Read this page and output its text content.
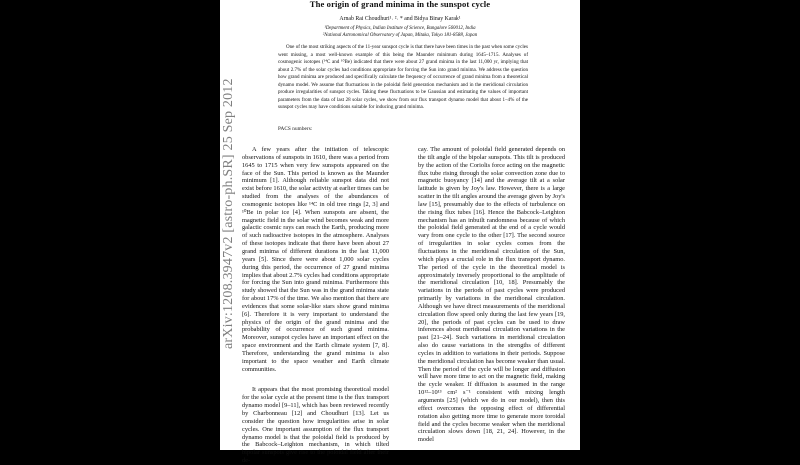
The origin of grand minima in the sunspot cycle
Arnab Rai Choudhuri¹˒ ²˒ * and Bidya Binay Karak¹
¹Department of Physics, Indian Institute of Science, Bangalore 560012, India
²National Astronomical Observatory of Japan, Mitaka, Tokyo 181-8588, Japan
One of the most striking aspects of the 11-year sunspot cycle is that there have been times in the past when some cycles went missing, a most well-known example of this being the Maunder minimum during 1645–1715. Analyses of cosmogenic isotopes (¹⁴C and ¹⁰Be) indicated that there were about 27 grand minima in the last 11,000 yr, implying that about 2.7% of the solar cycles had conditions appropriate for forcing the Sun into grand minima. We address the question how grand minima are produced and specifically calculate the frequency of occurrence of grand minima from a theoretical dynamo model. We assume that fluctuations in the poloidal field generation mechanism and in the meridional circulation produce irregularities of sunspot cycles. Taking these fluctuations to be Gaussian and estimating the values of important parameters from the data of last 28 solar cycles, we show from our flux transport dynamo model that about 1–4% of the sunspot cycles may have conditions suitable for inducing grand minima.
PACS numbers:

A few years after the initiation of telescopic observations of sunspots in 1610, there was a period from 1645 to 1715 when very few sunspots appeared on the face of the Sun. This period is known as the Maunder minimum [1]. Although reliable sunspot data did not exist before 1610, the solar activity at earlier times can be studied from the analyses of the abundances of cosmogenic isotopes like ¹⁴C in old tree rings [2, 3] and ¹⁰Be in polar ice [4]. When sunspots are absent, the magnetic field in the solar wind becomes weak and more galactic cosmic rays can reach the Earth, producing more of such radioactive isotopes in the atmosphere. Analyses of these isotopes indicate that there have been about 27 grand minima of different durations in the last 11,000 years [5]. Since there were about 1,000 solar cycles during this period, the occurrence of 27 grand minima implies that about 2.7% cycles had conditions appropriate for forcing the Sun into grand minima. Furthermore this study showed that the Sun was in the grand minima state for about 17% of the time. We also mention that there are evidences that some solar-like stars show grand minima [6]. Therefore it is very important to understand the physics of the origin of the grand minima and the probability of occurrence of such grand minima. Moreover, sunspot cycles have an important effect on the space environment and the Earth climate system [7, 8]. Therefore, understanding the grand minima is also important to the space weather and Earth climate communities.

It appears that the most promising theoretical model for the solar cycle at the present time is the flux transport dynamo model [9–11], which has been reviewed recently by Charbonneau [12] and Choudhuri [13]. Let us consider the question how irregularities arise in solar cycles. One important assumption of the flux transport dynamo model is that the poloidal field is produced by the Babcock–Leighton mechanism, in which tilted bipolar sunspots give rise to the poloidal field after their de-

cay. The amount of poloidal field generated depends on the tilt angle of the bipolar sunspots. This tilt is produced by the action of the Coriolis force acting on the magnetic flux tube rising through the solar convection zone due to magnetic buoyancy [14] and the average tilt at a solar latitude is given by Joy's law. However, there is a large scatter in the tilt angles around the average given by Joy's law [15], presumably due to the effects of turbulence on the rising flux tubes [16]. Hence the Babcock–Leighton mechanism has an inbuilt randomness because of which the poloidal field generated at the end of a cycle would vary from one cycle to the other [17]. The second source of irregularities in solar cycles comes from the fluctuations in the meridional circulation of the Sun, which plays a crucial role in the flux transport dynamo. The period of the cycle in the theoretical model is approximately inversely proportional to the amplitude of the meridional circulation [10, 18]. Presumably the variations in the periods of past cycles were produced primarily by variations in the meridional circulation. Although we have direct measurements of the meridional circulation flow speed only during the last few years [19, 20], the periods of past cycles can be used to draw inferences about meridional circulation variations in the past [21–24]. Such variations in meridional circulation also do cause variations in the strengths of different cycles in addition to variations in their periods. Suppose the meridional circulation has become weaker than usual. Then the period of the cycle will be longer and diffusion will have more time to act on the magnetic field, making the cycle weaker. If diffusion is assumed in the range 10¹²–10¹³ cm² s⁻¹ consistent with mixing length arguments [25] (which we do in our model), then this effect overcomes the opposing effect of differential rotation also getting more time to generate more toroidal field and the cycles become weaker when the meridional circulation slows down [18, 21, 24]. However, in the model

arXiv:1208.3947v2 [astro-ph.SR] 25 Sep 2012
